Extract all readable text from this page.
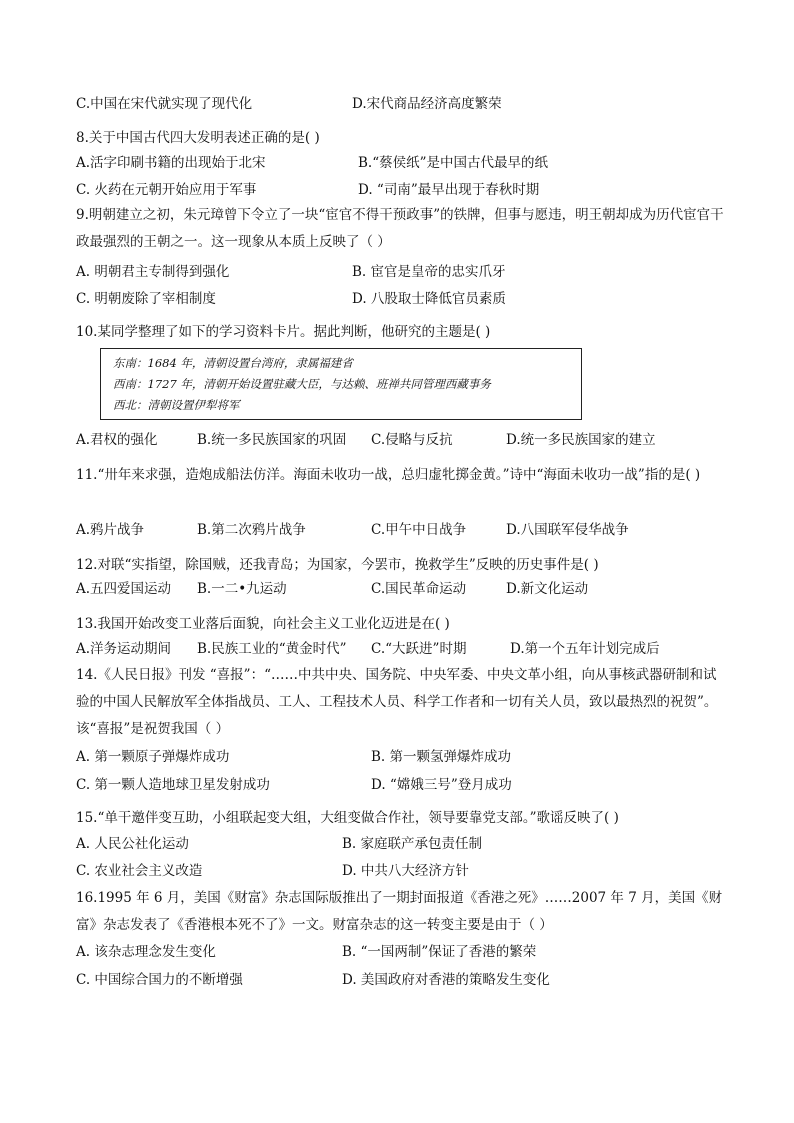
C.中国在宋代就实现了现代化	D.宋代商品经济高度繁荣
8.关于中国古代四大发明表述正确的是( )
A.活字印刷书籍的出现始于北宋	B.“蔡侯纸”是中国古代最早的纸
C. 火药在元朝开始应用于军事	D. “司南”最早出现于春秋时期
9.明朝建立之初，朱元璋曾下令立了一块“宦官不得干预政事”的铁牌，但事与愿违，明王朝却成为历代宦官干政最强烈的王朝之一。这一现象从本质上反映了（ ）
A. 明朝君主专制得到强化	B. 宦官是皇帝的忠实爪牙
C. 明朝废除了宰相制度	D. 八股取士降低官员素质
10.某同学整理了如下的学习资料卡片。据此判断，他研究的主题是( )
东南：1684 年，清朝设置台湾府，隶属福建省
西南：1727 年，清朝开始设置驻藏大臣，与达赖、班禅共同管理西藏事务
西北：清朝设置伊犁将军
A.君权的强化	B.统一多民族国家的巩固 C.侵略与反抗	D.统一多民族国家的建立
11.“卅年来求强，造炮成船法仿洋。海面未收功一战，总归虚牝掷金黄。”诗中“海面未收功一战”指的是( )
A.鸦片战争	B.第二次鸦片战争	C.甲午中日战争	D.八国联军侵华战争
12.对联“实指望，除国贼，还我青岛；为国家，今罢市，挽救学生”反映的历史事件是( )
A.五四爱国运动 B.一二•九运动	C.国民革命运动	D.新文化运动
13.我国开始改变工业落后面貌，向社会主义工业化迈进是在( )
A.洋务运动期间 B.民族工业的“黄金时代” C.“大跃进”时期	D.第一个五年计划完成后
14.《人民日报》刊发 “喜报”：“……中共中央、国务院、中央军委、中央文革小组，向从事核武器研制和试验的中国人民解放军全体指战员、工人、工程技术人员、科学工作者和一切有关人员，致以最热烈的祝贺”。该“喜报”是祝贺我国（ ）
A. 第一颗原子弹爆炸成功	B. 第一颗氢弹爆炸成功
C. 第一颗人造地球卫星发射成功	D. “嫦娥三号”登月成功
15.“单干邀伴变互助，小组联起变大组，大组变做合作社，领导要靠党支部。”歌谣反映了( )
A. 人民公社化运动	B. 家庭联产承包责任制
C. 农业社会主义改造	D. 中共八大经济方针
16.1995 年 6 月，美国《财富》杂志国际版推出了一期封面报道《香港之死》……2007 年 7 月，美国《财富》杂志发表了《香港根本死不了》一文。财富杂志的这一转变主要是由于（ ）
A. 该杂志理念发生变化	B. “一国两制”保证了香港的繁荣
C. 中国综合国力的不断增强	D. 美国政府对香港的策略发生变化
